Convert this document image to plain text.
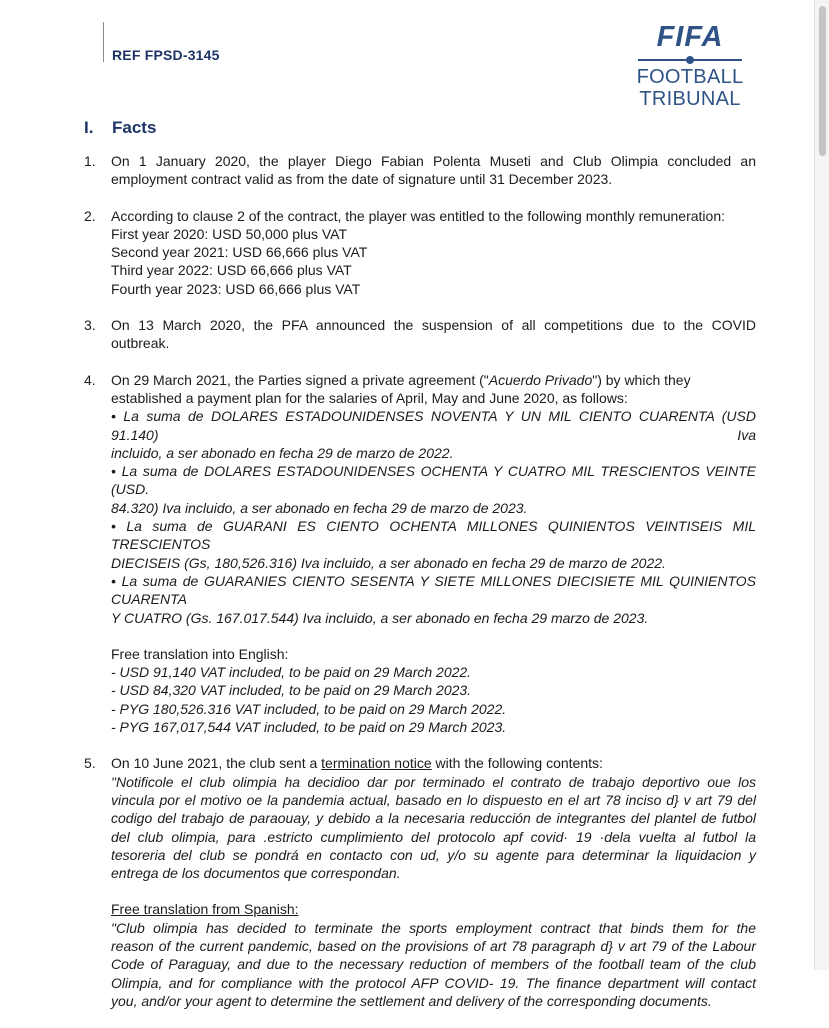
REF FPSD-3145
FIFA
FOOTBALL
TRIBUNAL
I. Facts
1. On 1 January 2020, the player Diego Fabian Polenta Museti and Club Olimpia concluded an
employment contract valid as from the date of signature until 31 December 2023.
2. According to clause 2 of the contract, the player was entitled to the following monthly remuneration:
First year 2020: USD 50,000 plus VAT
Second year 2021: USD 66,666 plus VAT
Third year 2022: USD 66,666 plus VAT
Fourth year 2023: USD 66,666 plus VAT
3. On 13 March 2020, the PFA announced the suspension of all competitions due to the COVID
outbreak.
4. On 29 March 2021, the Parties signed a private agreement ("Acuerdo Privado") by which they
established a payment plan for the salaries of April, May and June 2020, as follows:
• La suma de DOLARES ESTADOUNIDENSES NOVENTA Y UN MIL CIENTO CUARENTA (USD 91.140) Iva
incluido, a ser abonado en fecha 29 de marzo de 2022.
• La suma de DOLARES ESTADOUNIDENSES OCHENTA Y CUATRO MIL TRESCIENTOS VEINTE (USD.
84.320) Iva incluido, a ser abonado en fecha 29 de marzo de 2023.
• La suma de GUARANI ES CIENTO OCHENTA MILLONES QUINIENTOS VEINTISEIS MIL TRESCIENTOS
DIECISEIS (Gs, 180,526.316) Iva incluido, a ser abonado en fecha 29 de marzo de 2022.
• La suma de GUARANIES CIENTO SESENTA Y SIETE MILLONES DIECISIETE MIL QUINIENTOS CUARENTA
Y CUATRO (Gs. 167.017.544) Iva incluido, a ser abonado en fecha 29 marzo de 2023.
Free translation into English:
- USD 91,140 VAT included, to be paid on 29 March 2022.
- USD 84,320 VAT included, to be paid on 29 March 2023.
- PYG 180,526.316 VAT included, to be paid on 29 March 2022.
- PYG 167,017,544 VAT included, to be paid on 29 March 2023.
5. On 10 June 2021, the club sent a termination notice with the following contents:
"Notificole el club olimpia ha decidioo dar por terminado el contrato de trabajo deportivo oue los
vincula por el motivo oe la pandemia actual, basado en lo dispuesto en el art 78 inciso d} v art 79 del
codigo del trabajo de paraouay, y debido a la necesaria reducción de integrantes del plantel de futbol
del club olimpia, para .estricto cumplimiento del protocolo apf covid· 19 ·dela vuelta al futbol la
tesoreria del club se pondrá en contacto con ud, y/o su agente para determinar la liquidacion y
entrega de los documentos que correspondan.
Free translation from Spanish:
"Club olimpia has decided to terminate the sports employment contract that binds them for the
reason of the current pandemic, based on the provisions of art 78 paragraph d} v art 79 of the Labour
Code of Paraguay, and due to the necessary reduction of members of the football team of the club
Olimpia, and for compliance with the protocol AFP COVID- 19. The finance department will contact
you, and/or your agent to determine the settlement and delivery of the corresponding documents.
